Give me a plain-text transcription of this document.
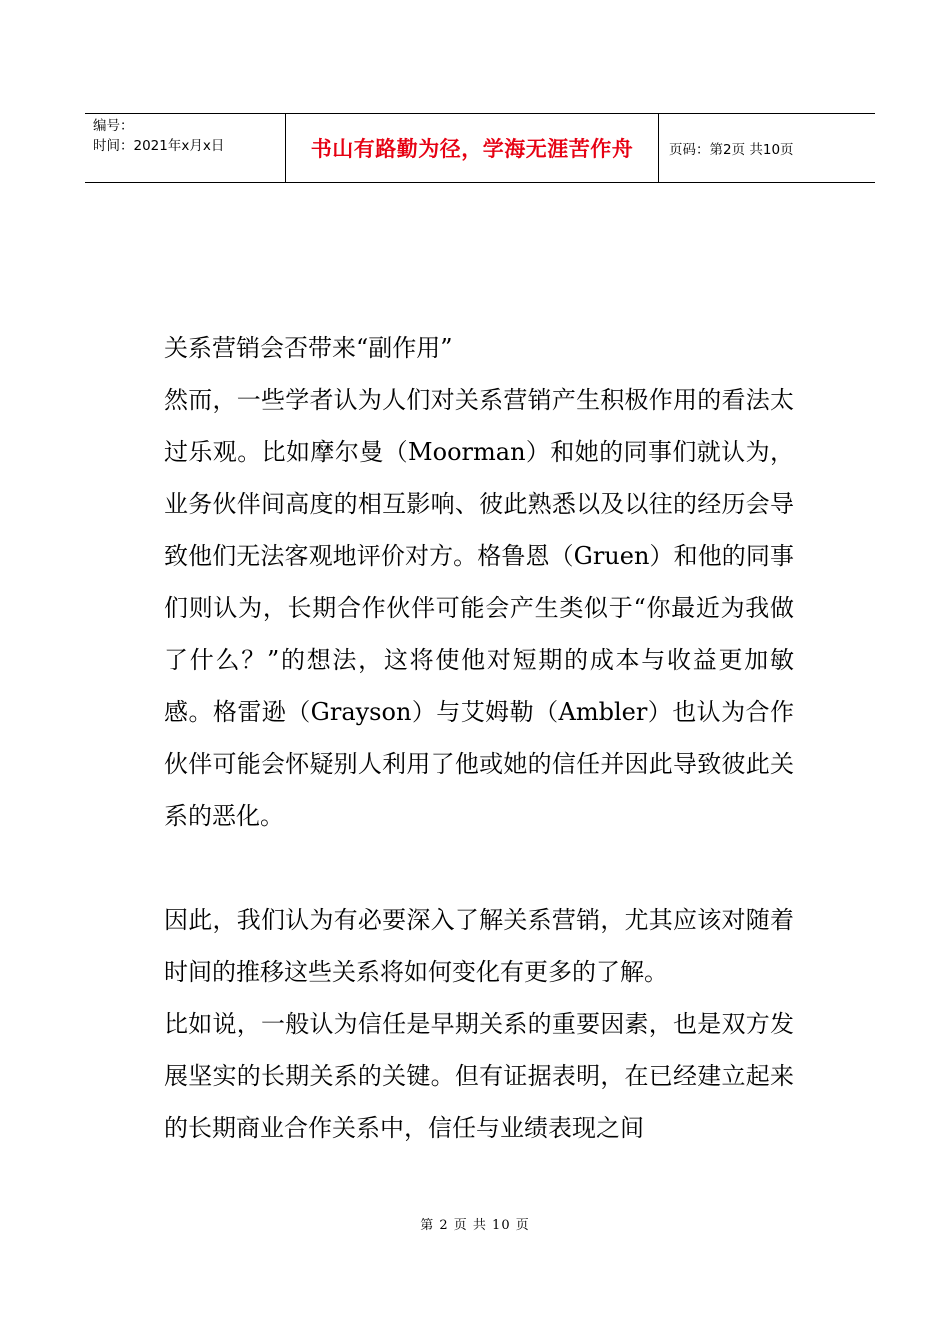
编号：
时间：2021年x月x日	书山有路勤为径，学海无涯苦作舟	页码：第2页 共10页

关系营销会否带来“副作用”

然而，一些学者认为人们对关系营销产生积极作用的看法太过乐观。比如摩尔曼（Moorman）和她的同事们就认为，业务伙伴间高度的相互影响、彼此熟悉以及以往的经历会导致他们无法客观地评价对方。格鲁恩（Gruen）和他的同事们则认为，长期合作伙伴可能会产生类似于“你最近为我做了什么？”的想法，这将使他对短期的成本与收益更加敏感。格雷逊（Grayson）与艾姆勒（Ambler）也认为合作伙伴可能会怀疑别人利用了他或她的信任并因此导致彼此关系的恶化。

因此，我们认为有必要深入了解关系营销，尤其应该对随着时间的推移这些关系将如何变化有更多的了解。

比如说，一般认为信任是早期关系的重要因素，也是双方发展坚实的长期关系的关键。但有证据表明，在已经建立起来的长期商业合作关系中，信任与业绩表现之间

第 2 页 共 10 页
